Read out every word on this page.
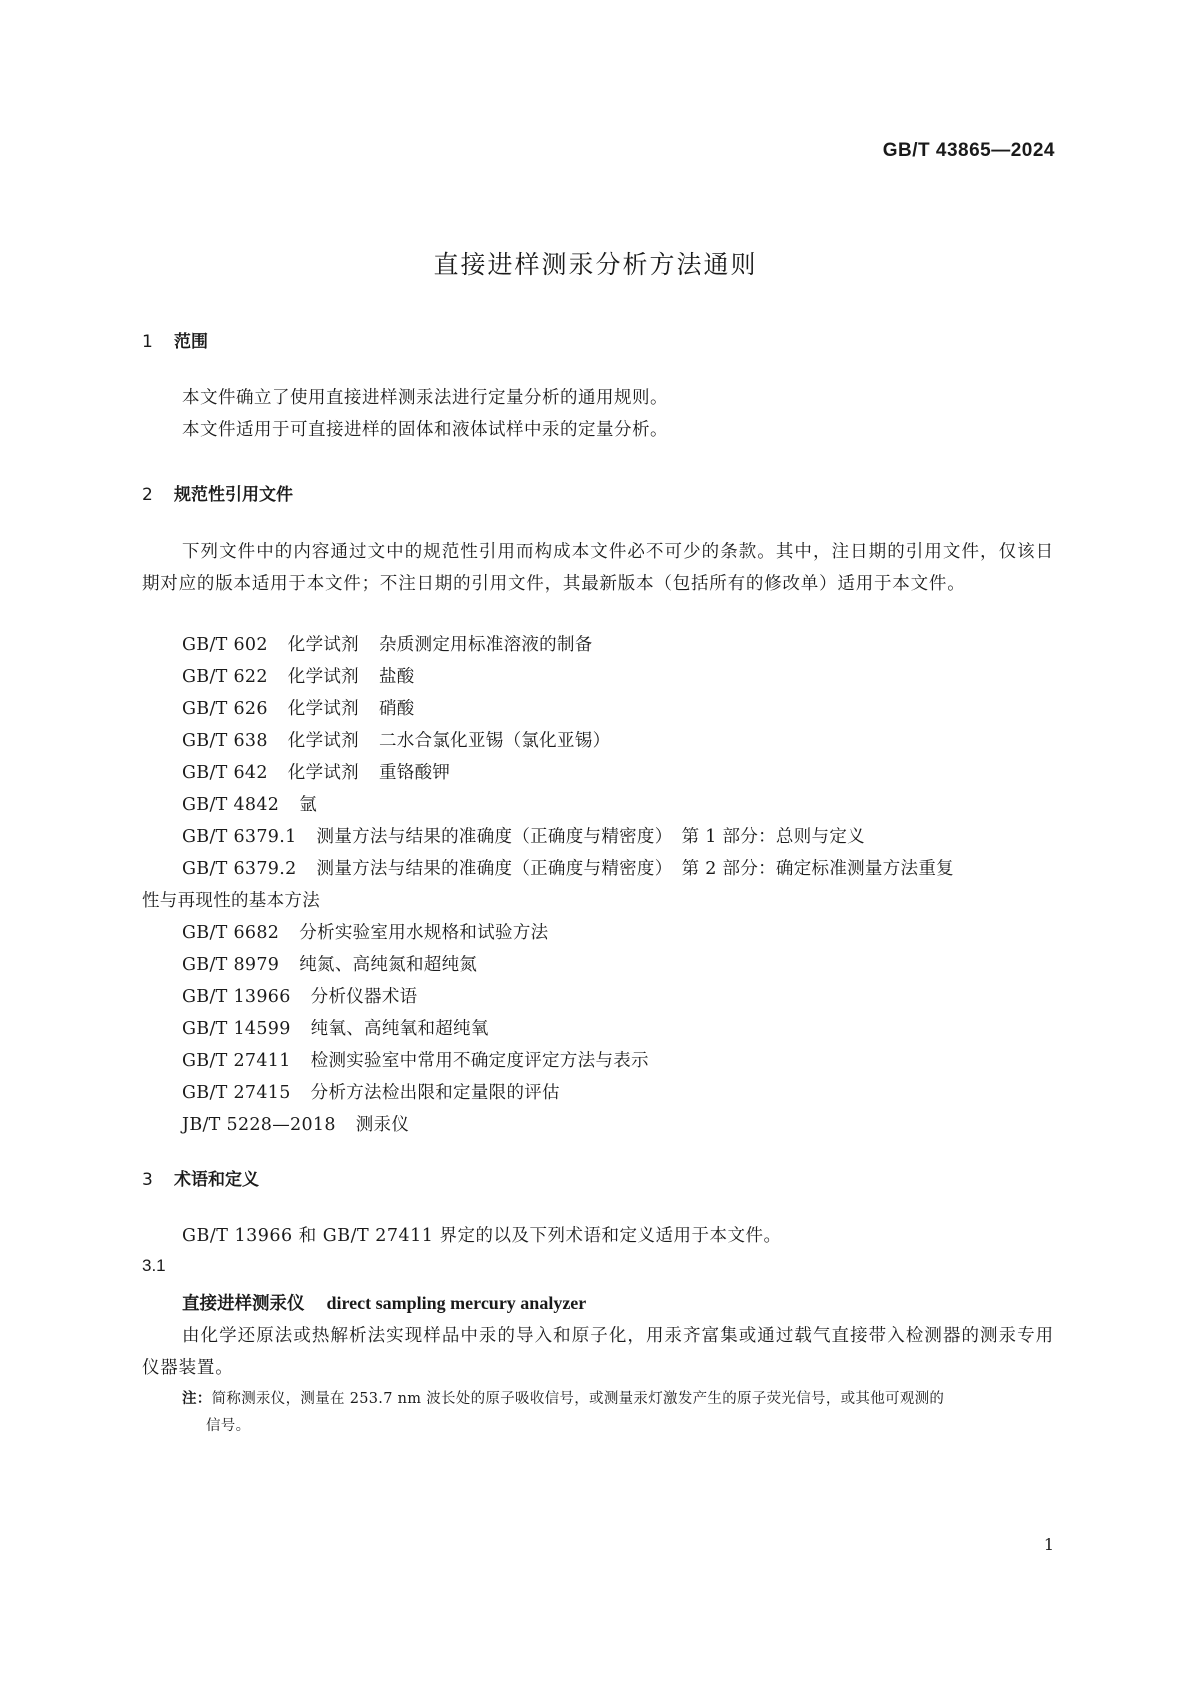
GB/T 43865—2024
直接进样测汞分析方法通则
1 范围
本文件确立了使用直接进样测汞法进行定量分析的通用规则。
本文件适用于可直接进样的固体和液体试样中汞的定量分析。
2 规范性引用文件
下列文件中的内容通过文中的规范性引用而构成本文件必不可少的条款。其中，注日期的引用文件，仅该日期对应的版本适用于本文件；不注日期的引用文件，其最新版本（包括所有的修改单）适用于本文件。
GB/T 602 化学试剂 杂质测定用标准溶液的制备
GB/T 622 化学试剂 盐酸
GB/T 626 化学试剂 硝酸
GB/T 638 化学试剂 二水合氯化亚锡（氯化亚锡）
GB/T 642 化学试剂 重铬酸钾
GB/T 4842 氩
GB/T 6379.1 测量方法与结果的准确度（正确度与精密度）　第 1 部分：总则与定义
GB/T 6379.2 测量方法与结果的准确度（正确度与精密度）　第 2 部分：确定标准测量方法重复
性与再现性的基本方法
GB/T 6682 分析实验室用水规格和试验方法
GB/T 8979 纯氮、高纯氮和超纯氮
GB/T 13966 分析仪器术语
GB/T 14599 纯氧、高纯氧和超纯氧
GB/T 27411 检测实验室中常用不确定度评定方法与表示
GB/T 27415 分析方法检出限和定量限的评估
JB/T 5228—2018 测汞仪
3 术语和定义
GB/T 13966 和 GB/T 27411 界定的以及下列术语和定义适用于本文件。
3.1
直接进样测汞仪 direct sampling mercury analyzer
由化学还原法或热解析法实现样品中汞的导入和原子化，用汞齐富集或通过载气直接带入检测器的测汞专用仪器装置。
注：简称测汞仪，测量在 253.7 nm 波长处的原子吸收信号，或测量汞灯激发产生的原子荧光信号，或其他可观测的
信号。
1
